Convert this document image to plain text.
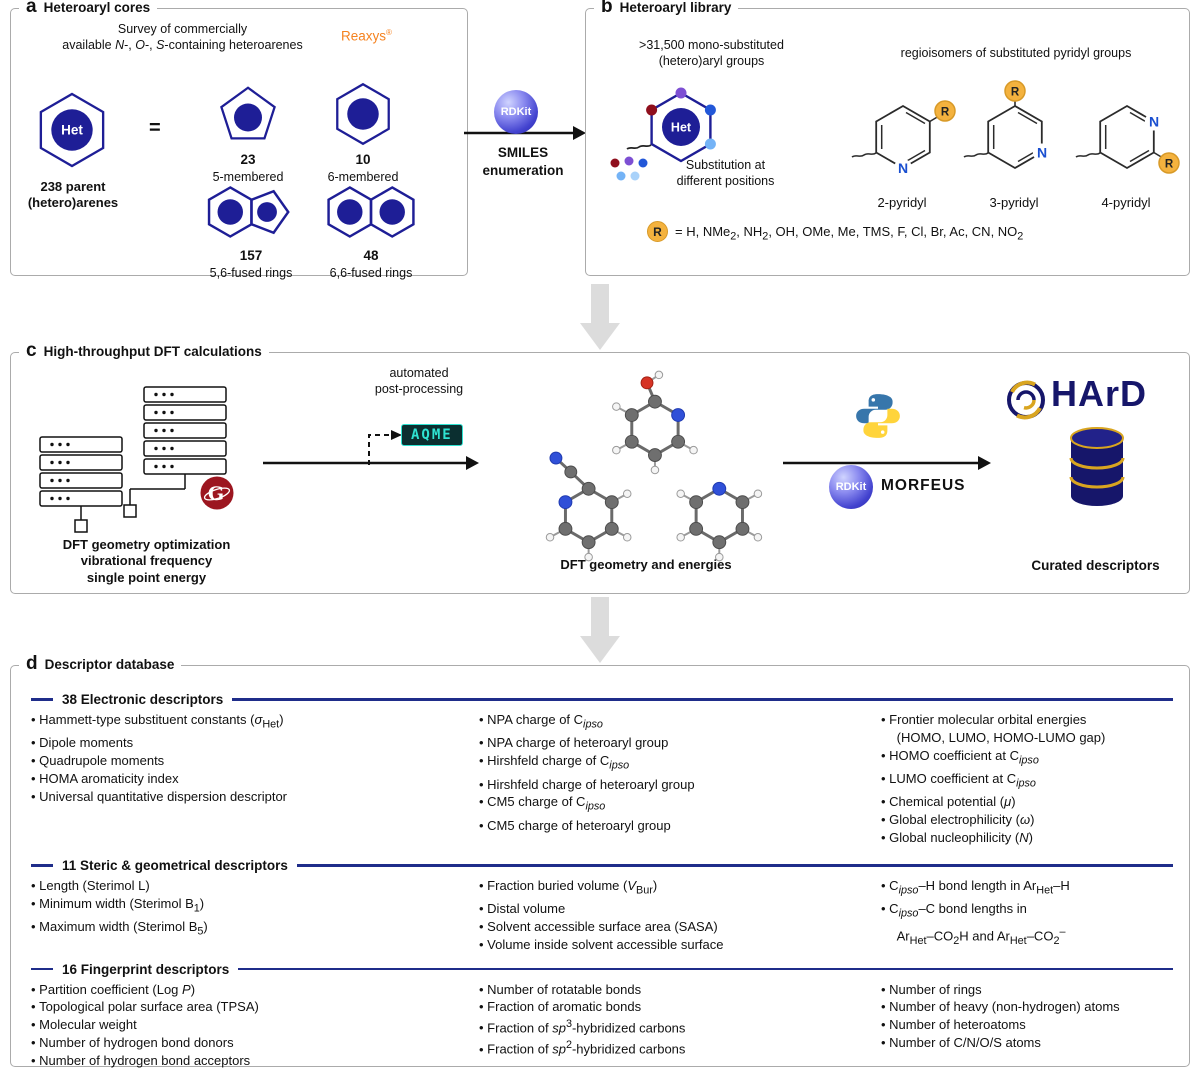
a Heteroaryl cores
Survey of commercially
available N-, O-, S-containing heteroarenes
Reaxys®
Het
238 parent
(hetero)arenes
=
23
5-membered
10
6-membered
157
5,6-fused rings
48
6,6-fused rings
RDKit
SMILES
enumeration
b Heteroaryl library
>31,500 mono-substituted
(hetero)aryl groups
regioisomers of substituted pyridyl groups
Het
Substitution at
different positions
N
R
2-pyridyl
N
R
3-pyridyl
N
R
4-pyridyl
R	= H, NMe$_2$, $NH_2$, OH, OMe, Me, TMS, F, Cl, Br, Ac, CN, $NO_2$
c High-throughput DFT calculations
G
DFT geometry optimization
vibrational frequency
single point energy
automated
post-processing
AQME
DFT geometry and energies
RDKit MORFEUS
HArD
Curated descriptors
d Descriptor database
38 Electronic descriptors
• Hammett-type substituent constants $(\sigma_{Het})$
• Dipole moments
• Quadrupole moments
• HOMA aromaticity index
• Universal quantitative dispersion descriptor
• NPA charge of $C_{ipso}$
• NPA charge of heteroaryl group
• Hirshfeld charge of $C_{ipso}$
• Hirshfeld charge of heteroaryl group
• CM5 charge of $C_{ipso}$
• CM5 charge of heteroaryl group
• Frontier molecular orbital energies
(HOMO, LUMO, HOMO-LUMO gap)
• HOMO coefficient at $C_{ipso}$
• LUMO coefficient at $C_{ipso}$
• Chemical potential (μ)
• Global electrophilicity (ω)
• Global nucleophilicity (N)
11 Steric & geometrical descriptors
• Length (Sterimol L)
• Minimum width (Sterimol $B_1$)
• Maximum width (Sterimol $B_5$)
• Fraction buried volume $(V_{Bur})$
• Distal volume
• Solvent accessible surface area (SASA)
• Volume inside solvent accessible surface
• $C_{ipso}-H$ bond length in $Ar_{Het}-H$
• $C_{ipso}-C$ bond lengths in
$Ar_{Het}-CO_2H$ and $Ar_{Het}-CO_2^-$
16 Fingerprint descriptors
• Partition coefficient (Log P)
• Topological polar surface area (TPSA)
• Molecular weight
• Number of hydrogen bond donors
• Number of hydrogen bond acceptors
• Number of rotatable bonds
• Fraction of aromatic bonds
• Fraction of $sp^3$-hybridized carbons
• Fraction of $sp^2$-hybridized carbons
• Number of rings
• Number of heavy (non-hydrogen) atoms
• Number of heteroatoms
• Number of C/N/O/S atoms
